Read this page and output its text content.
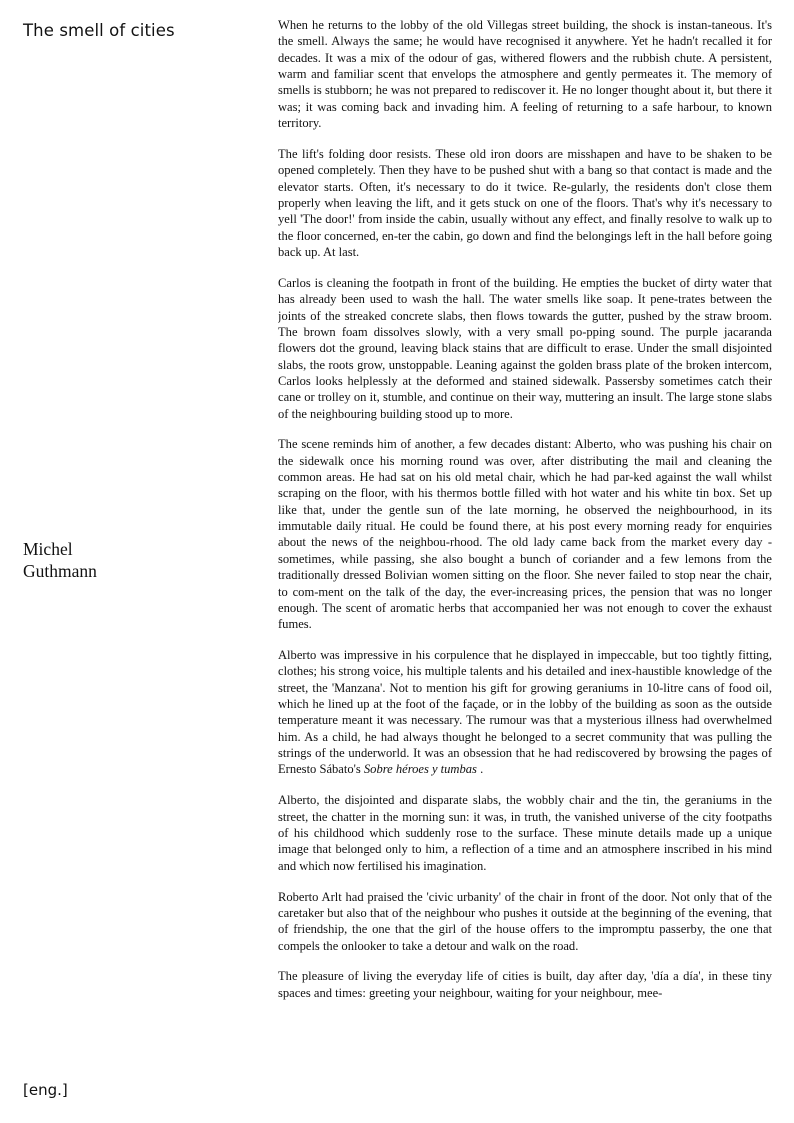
The smell of cities
Michel
Guthmann
[eng.]

When he returns to the lobby of the old Villegas street building, the shock is instan-taneous. It's the smell. Always the same; he would have recognised it anywhere. Yet he hadn't recalled it for decades. It was a mix of the odour of gas, withered flowers and the rubbish chute. A persistent, warm and familiar scent that envelops the atmosphere and gently permeates it. The memory of smells is stubborn; he was not prepared to rediscover it. He no longer thought about it, but there it was; it was coming back and invading him. A feeling of returning to a safe harbour, to known territory.

The lift's folding door resists. These old iron doors are misshapen and have to be shaken to be opened completely. Then they have to be pushed shut with a bang so that contact is made and the elevator starts. Often, it's necessary to do it twice. Re-gularly, the residents don't close them properly when leaving the lift, and it gets stuck on one of the floors. That's why it's necessary to yell 'The door!' from inside the cabin, usually without any effect, and finally resolve to walk up to the floor concerned, en-ter the cabin, go down and find the belongings left in the hall before going back up. At last.

Carlos is cleaning the footpath in front of the building. He empties the bucket of dirty water that has already been used to wash the hall. The water smells like soap. It pene-trates between the joints of the streaked concrete slabs, then flows towards the gutter, pushed by the straw broom. The brown foam dissolves slowly, with a very small po-pping sound. The purple jacaranda flowers dot the ground, leaving black stains that are difficult to erase. Under the small disjointed slabs, the roots grow, unstoppable. Leaning against the golden brass plate of the broken intercom, Carlos looks helplessly at the deformed and stained sidewalk. Passersby sometimes catch their cane or trolley on it, stumble, and continue on their way, muttering an insult. The large stone slabs of the neighbouring building stood up to more.

The scene reminds him of another, a few decades distant: Alberto, who was pushing his chair on the sidewalk once his morning round was over, after distributing the mail and cleaning the common areas. He had sat on his old metal chair, which he had par-ked against the wall whilst scraping on the floor, with his thermos bottle filled with hot water and his white tin box. Set up like that, under the gentle sun of the late morning, he observed the neighbourhood, in its immutable daily ritual. He could be found there, at his post every morning ready for enquiries about the news of the neighbou-rhood. The old lady came back from the market every day - sometimes, while passing, she also bought a bunch of coriander and a few lemons from the traditionally dressed Bolivian women sitting on the floor. She never failed to stop near the chair, to com-ment on the talk of the day, the ever-increasing prices, the pension that was no longer enough. The scent of aromatic herbs that accompanied her was not enough to cover the exhaust fumes.

Alberto was impressive in his corpulence that he displayed in impeccable, but too tightly fitting, clothes; his strong voice, his multiple talents and his detailed and inex-haustible knowledge of the street, the 'Manzana'. Not to mention his gift for growing geraniums in 10-litre cans of food oil, which he lined up at the foot of the façade, or in the lobby of the building as soon as the outside temperature meant it was necessary. The rumour was that a mysterious illness had overwhelmed him. As a child, he had always thought he belonged to a secret community that was pulling the strings of the underworld. It was an obsession that he had rediscovered by browsing the pages of Ernesto Sábato's Sobre héroes y tumbas .

Alberto, the disjointed and disparate slabs, the wobbly chair and the tin, the geraniums in the street, the chatter in the morning sun: it was, in truth, the vanished universe of the city footpaths of his childhood which suddenly rose to the surface. These minute details made up a unique image that belonged only to him, a reflection of a time and an atmosphere inscribed in his mind and which now fertilised his imagination.

Roberto Arlt had praised the 'civic urbanity' of the chair in front of the door. Not only that of the caretaker but also that of the neighbour who pushes it outside at the beginning of the evening, that of friendship, the one that the girl of the house offers to the impromptu passerby, the one that compels the onlooker to take a detour and walk on the road.

The pleasure of living the everyday life of cities is built, day after day, 'día a día', in these tiny spaces and times: greeting your neighbour, waiting for your neighbour, mee-
